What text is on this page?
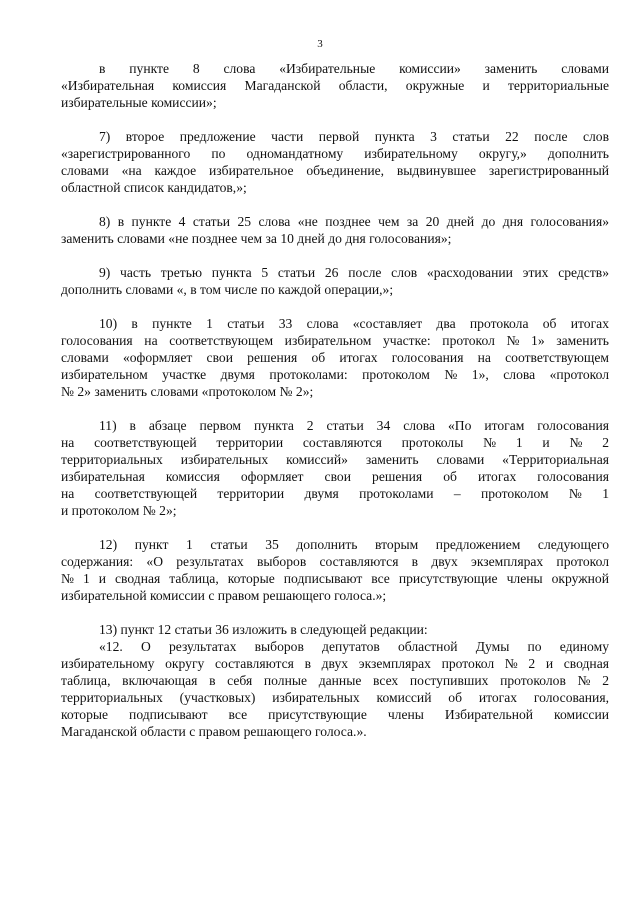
3

в пункте 8 слова «Избирательные комиссии» заменить словами
«Избирательная комиссия Магаданской области, окружные и территориальные
избирательные комиссии»;

7) второе предложение части первой пункта 3 статьи 22 после слов
«зарегистрированного по одномандатному избирательному округу,» дополнить
словами «на каждое избирательное объединение, выдвинувшее зарегистрированный
областной список кандидатов,»;

8) в пункте 4 статьи 25 слова «не позднее чем за 20 дней до дня голосования»
заменить словами «не позднее чем за 10 дней до дня голосования»;

9) часть третью пункта 5 статьи 26 после слов «расходовании этих средств»
дополнить словами «, в том числе по каждой операции,»;

10) в пункте 1 статьи 33 слова «составляет два протокола об итогах
голосования на соответствующем избирательном участке: протокол № 1» заменить
словами «оформляет свои решения об итогах голосования на соответствующем
избирательном участке двумя протоколами: протоколом № 1», слова «протокол
№ 2» заменить словами «протоколом № 2»;

11) в абзаце первом пункта 2 статьи 34 слова «По итогам голосования
на соответствующей территории составляются протоколы № 1 и № 2
территориальных избирательных комиссий» заменить словами «Территориальная
избирательная комиссия оформляет свои решения об итогах голосования
на соответствующей территории двумя протоколами – протоколом № 1
и протоколом № 2»;

12) пункт 1 статьи 35 дополнить вторым предложением следующего
содержания: «О результатах выборов составляются в двух экземплярах протокол
№ 1 и сводная таблица, которые подписывают все присутствующие члены окружной
избирательной комиссии с правом решающего голоса.»;

13) пункт 12 статьи 36 изложить в следующей редакции:

«12. О результатах выборов депутатов областной Думы по единому
избирательному округу составляются в двух экземплярах протокол № 2 и сводная
таблица, включающая в себя полные данные всех поступивших протоколов № 2
территориальных (участковых) избирательных комиссий об итогах голосования,
которые подписывают все присутствующие члены Избирательной комиссии
Магаданской области с правом решающего голоса.».
